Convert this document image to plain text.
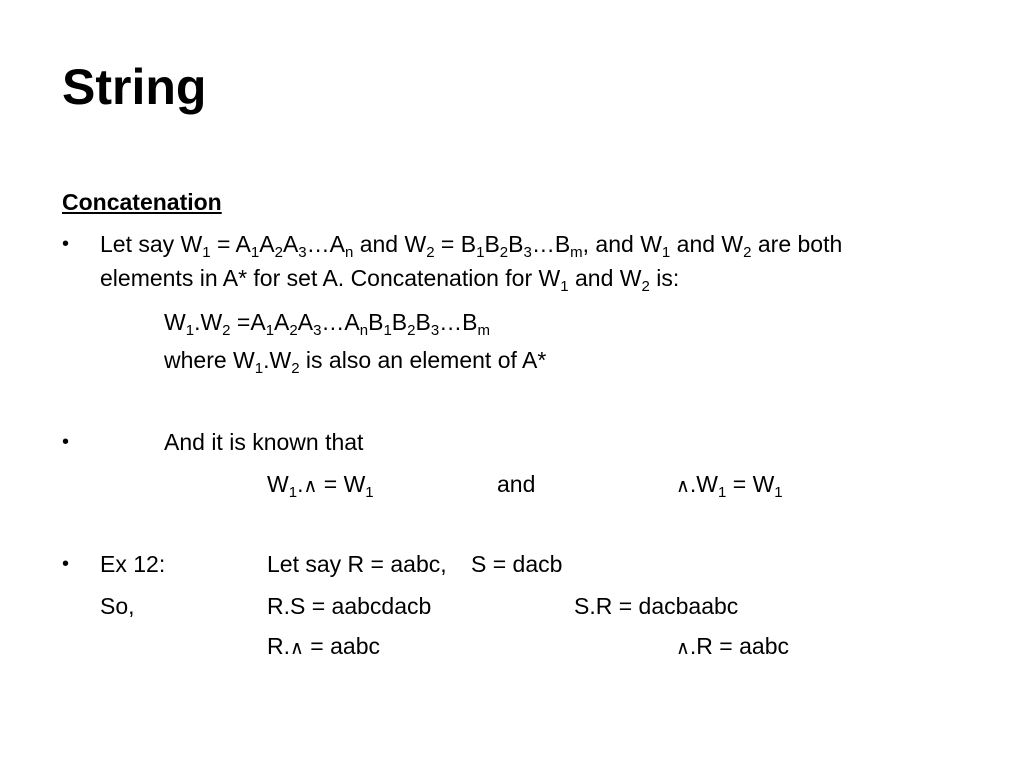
String
Concatenation
• Let say $W_1$ = $A_1A_2A_3\dots A_n$ and $W_2$ = $B_1B_2B_3\dots B_m$, and $W_1$ and $W_2$ are both
elements in A* for set A. Concatenation for $W_1$ and $W_2$ is:
$W_1.W_2$ $=A_1A_2A_3\dots A_nB_1B_2B_3\dots B_m$
where $W_1.W_2$ is also an element of A*
•	And it is known that
$W_1.\wedge = W_1$	and	$\wedge.W_1 = W_1$
• Ex 12:	Let say R = aabc, S = dacb
So,	R.S = aabcdacb	S.R = dacbaabc
R.∧ = aabc	∧.R = aabc
